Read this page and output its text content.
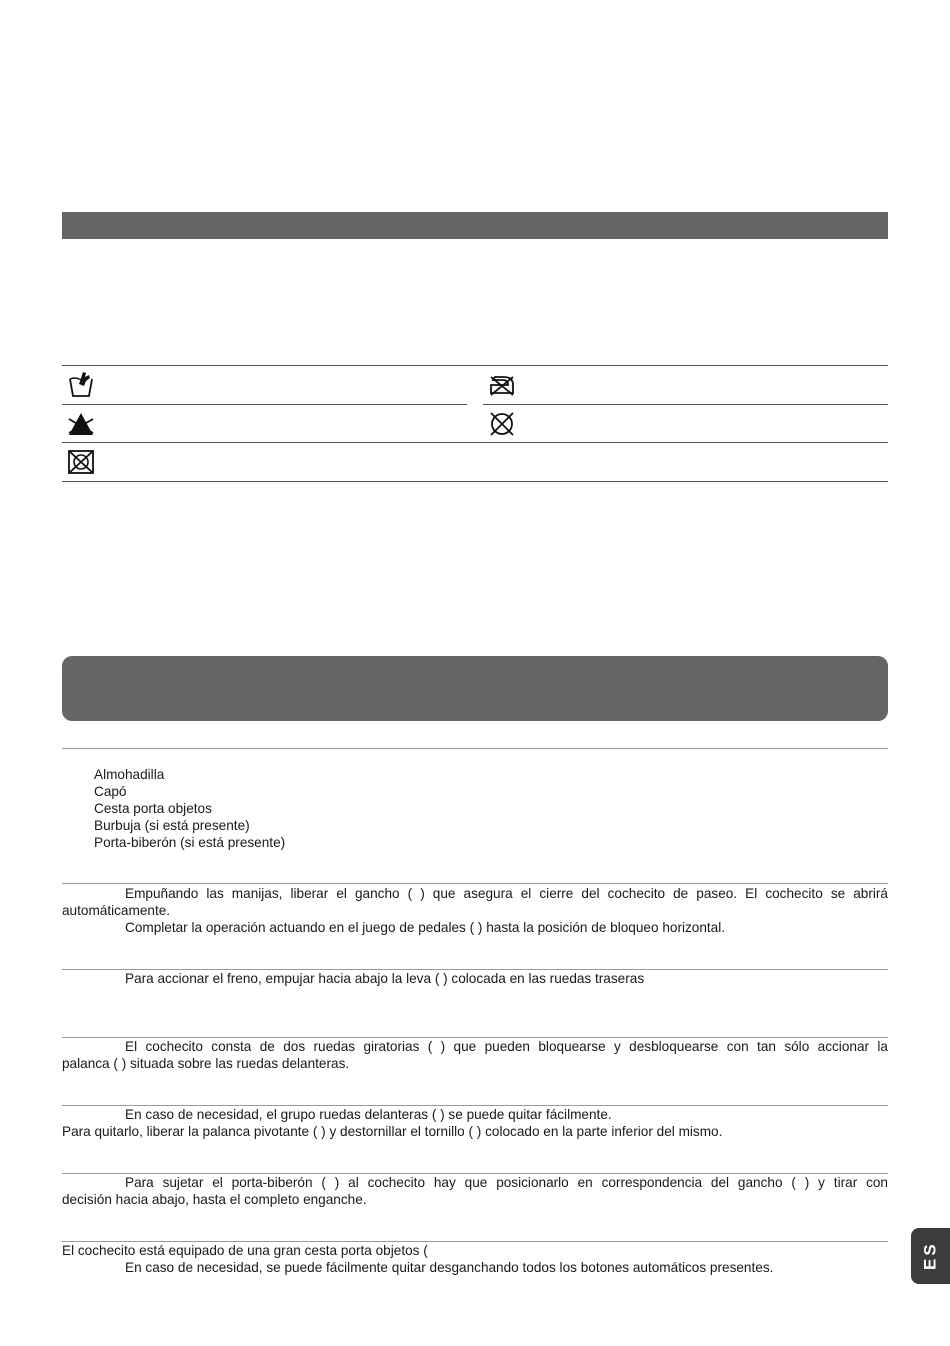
Almohadilla
Capó
Cesta porta objetos
Burbuja (si está presente)
Porta-biberón (si está presente)
Empuñando las manijas, liberar el gancho ( ) que asegura el cierre del cochecito de paseo. El cochecito se abrirá
automáticamente.
Completar la operación actuando en el juego de pedales ( ) hasta la posición de bloqueo horizontal.
Para accionar el freno, empujar hacia abajo la leva ( ) colocada en las ruedas traseras
El cochecito consta de dos ruedas giratorias ( ) que pueden bloquearse y desbloquearse con tan sólo accionar la
palanca ( ) situada sobre las ruedas delanteras.
En caso de necesidad, el grupo ruedas delanteras ( ) se puede quitar fácilmente.
Para quitarlo, liberar la palanca pivotante ( ) y destornillar el tornillo ( ) colocado en la parte inferior del mismo.
Para sujetar el porta-biberón ( ) al cochecito hay que posicionarlo en correspondencia del gancho ( ) y tirar con
decisión hacia abajo, hasta el completo enganche.
El cochecito está equipado de una gran cesta porta objetos (
En caso de necesidad, se puede fácilmente quitar desganchando todos los botones automáticos presentes.	ES
